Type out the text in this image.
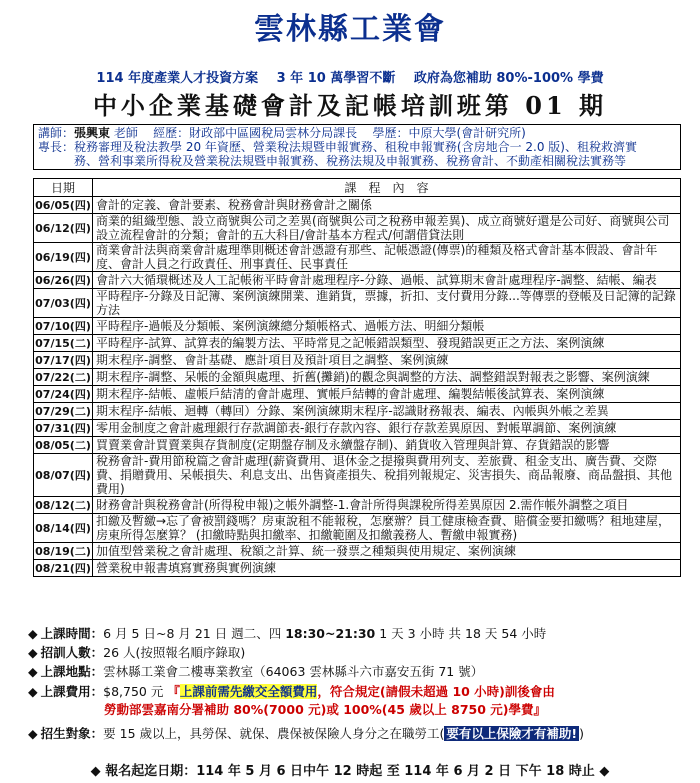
雲林縣工業會
114 年度產業人才投資方案 3 年 10 萬學習不斷 政府為您補助 80%-100% 學費
中小企業基礎會計及記帳培訓班第 01 期
講師：張興東 老師 經歷：財政部中區國稅局雲林分局課長 學歷：中原大學(會計研究所)
專長：稅務審理及稅法教學 20 年資歷、營業稅法規暨申報實務、租稅申報實務(含房地合一 2.0 版)、租稅救濟實
務、營利事業所得稅及營業稅法規暨申報實務、稅務法規及申報實務、稅務會計、不動產相關稅法實務等
日期	課　程　內　容
06/05(四)	會計的定義、會計要素、稅務會計與財務會計之關係
06/12(四)	商業的組織型態、設立商號與公司之差異(商號與公司之稅務申報差異)、成立商號好還是公司好、商號與公司設立流程會計的分類；會計的五大科目/會計基本方程式/何謂借貸法則
06/19(四)	商業會計法與商業會計處理準則概述會計憑證有那些、記帳憑證(傳票)的種類及格式會計基本假設、會計年度、會計人員之行政責任、刑事責任、民事責任
06/26(四)	會計六大循環概述及人工記帳術平時會計處理程序-分錄、過帳、試算期末會計處理程序-調整、結帳、編表
07/03(四)	平時程序-分錄及日記簿、案例演練開業、進銷貨，票據，折扣、支付費用分錄...等傳票的登帳及日記簿的記錄方法
07/10(四)	平時程序-過帳及分類帳、案例演練總分類帳格式、過帳方法、明細分類帳
07/15(二)	平時程序-試算、試算表的編製方法、平時常見之記帳錯誤類型、發現錯誤更正之方法、案例演練
07/17(四)	期末程序-調整、會計基礎、應計項目及預計項目之調整、案例演練
07/22(二)	期末程序-調整、呆帳的金額與處理、折舊(攤銷)的觀念與調整的方法、調整錯誤對報表之影響、案例演練
07/24(四)	期末程序-結帳、虛帳戶結清的會計處理、實帳戶結轉的會計處理、編製結帳後試算表、案例演練
07/29(二)	期末程序-結帳、迴轉（轉回）分錄、案例演練期末程序-認識財務報表、編表、內帳與外帳之差異
07/31(四)	零用金制度之會計處理銀行存款調節表-銀行存款內容、銀行存款差異原因、對帳單調節、案例演練
08/05(二)	買賣業會計買賣業與存貨制度(定期盤存制及永續盤存制)、銷貨收入管理與計算、存貨錯誤的影響
08/07(四)	稅務會計-費用節稅篇之會計處理(薪資費用、退休金之提撥與費用列支、差旅費、租金支出、廣告費、交際費、捐贈費用、呆帳損失、利息支出、出售資產損失、稅捐列報規定、災害損失、商品報廢、商品盤損、其他費用)
08/12(二)	財務會計與稅務會計(所得稅申報)之帳外調整-1.會計所得與課稅所得差異原因 2.需作帳外調整之項目
08/14(四)	扣繳及暫繳→忘了會被罰錢嗎？房東說租不能報稅，怎麼辦？員工健康檢查費、賠償金要扣繳嗎？租地建屋，房東所得怎麼算？ (扣繳時點與扣繳率、扣繳範圍及扣繳義務人、暫繳申報實務)
08/19(二)	加值型營業稅之會計處理、稅額之計算、統一發票之種類與使用規定、案例演練
08/21(四)	營業稅申報書填寫實務與實例演練
◆ 上課時間：6 月 5 日~8 月 21 日 週二、四 18:30~21:30 1 天 3 小時 共 18 天 54 小時
◆ 招訓人數：26 人(按照報名順序錄取)
◆ 上課地點：雲林縣工業會二樓專業教室（64063 雲林縣斗六市嘉安五街 71 號）
◆ 上課費用：$8,750 元 『上課前需先繳交全額費用，符合規定(請假未超過 10 小時)訓後會由
勞動部雲嘉南分署補助 80%(7000 元)或 100%(45 歲以上 8750 元)學費』
◆ 招生對象：要 15 歲以上，具勞保、就保、農保被保險人身分之在職勞工( 要有以上保險才有補助! )
◆ 報名起迄日期：114 年 5 月 6 日中午 12 時起 至 114 年 6 月 2 日 下午 18 時止 ◆
